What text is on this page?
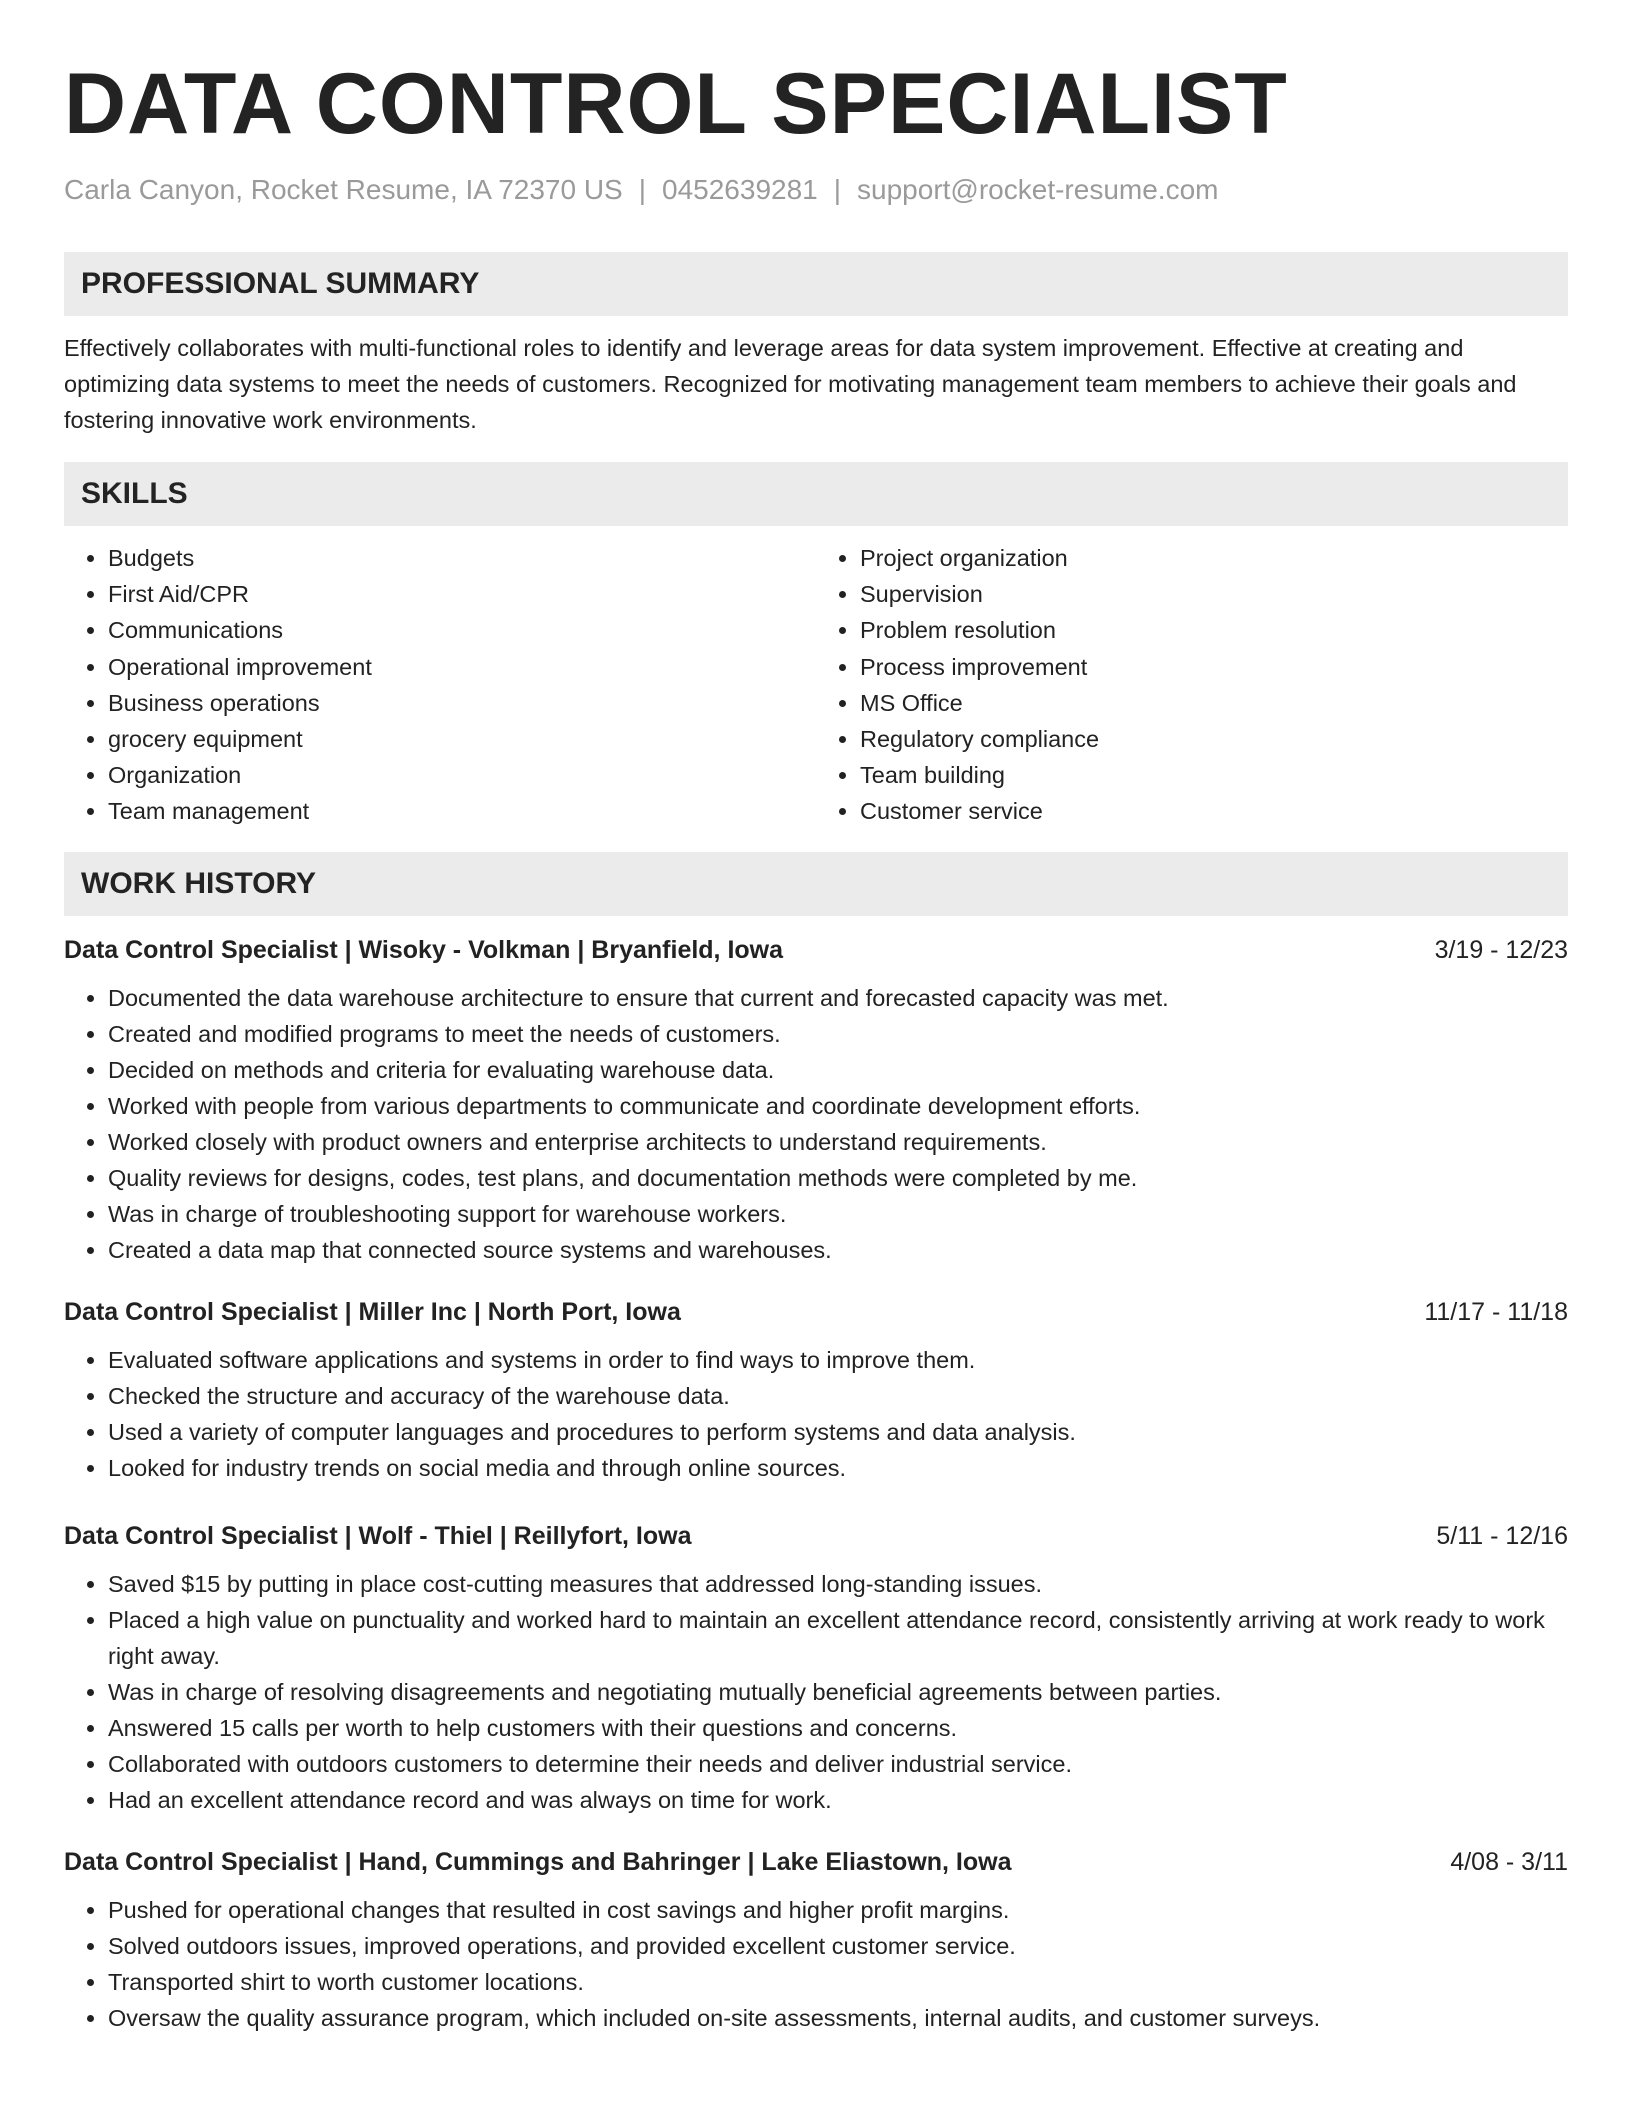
DATA CONTROL SPECIALIST
Carla Canyon, Rocket Resume, IA 72370 US | 0452639281 | support@rocket-resume.com
PROFESSIONAL SUMMARY

Effectively collaborates with multi-functional roles to identify and leverage areas for data system improvement. Effective at creating and optimizing data systems to meet the needs of customers. Recognized for motivating management team members to achieve their goals and fostering innovative work environments.

SKILLS
• Budgets
• First Aid/CPR
• Communications
• Operational improvement
• Business operations
• grocery equipment
• Organization
• Team management
• Project organization
• Supervision
• Problem resolution
• Process improvement
• MS Office
• Regulatory compliance
• Team building
• Customer service
WORK HISTORY
Data Control Specialist | Wisoky - Volkman | Bryanfield, Iowa	3/19 - 12/23
• Documented the data warehouse architecture to ensure that current and forecasted capacity was met.
• Created and modified programs to meet the needs of customers.
• Decided on methods and criteria for evaluating warehouse data.
• Worked with people from various departments to communicate and coordinate development efforts.
• Worked closely with product owners and enterprise architects to understand requirements.
• Quality reviews for designs, codes, test plans, and documentation methods were completed by me.
• Was in charge of troubleshooting support for warehouse workers.
• Created a data map that connected source systems and warehouses.
Data Control Specialist | Miller Inc | North Port, Iowa	11/17 - 11/18
• Evaluated software applications and systems in order to find ways to improve them.
• Checked the structure and accuracy of the warehouse data.
• Used a variety of computer languages and procedures to perform systems and data analysis.
• Looked for industry trends on social media and through online sources.
Data Control Specialist | Wolf - Thiel | Reillyfort, Iowa	5/11 - 12/16
• Saved $15 by putting in place cost-cutting measures that addressed long-standing issues.
• Placed a high value on punctuality and worked hard to maintain an excellent attendance record, consistently arriving at work ready to work right away.
• Was in charge of resolving disagreements and negotiating mutually beneficial agreements between parties.
• Answered 15 calls per worth to help customers with their questions and concerns.
• Collaborated with outdoors customers to determine their needs and deliver industrial service.
• Had an excellent attendance record and was always on time for work.
Data Control Specialist | Hand, Cummings and Bahringer | Lake Eliastown, Iowa	4/08 - 3/11
• Pushed for operational changes that resulted in cost savings and higher profit margins.
• Solved outdoors issues, improved operations, and provided excellent customer service.
• Transported shirt to worth customer locations.
• Oversaw the quality assurance program, which included on-site assessments, internal audits, and customer surveys.
